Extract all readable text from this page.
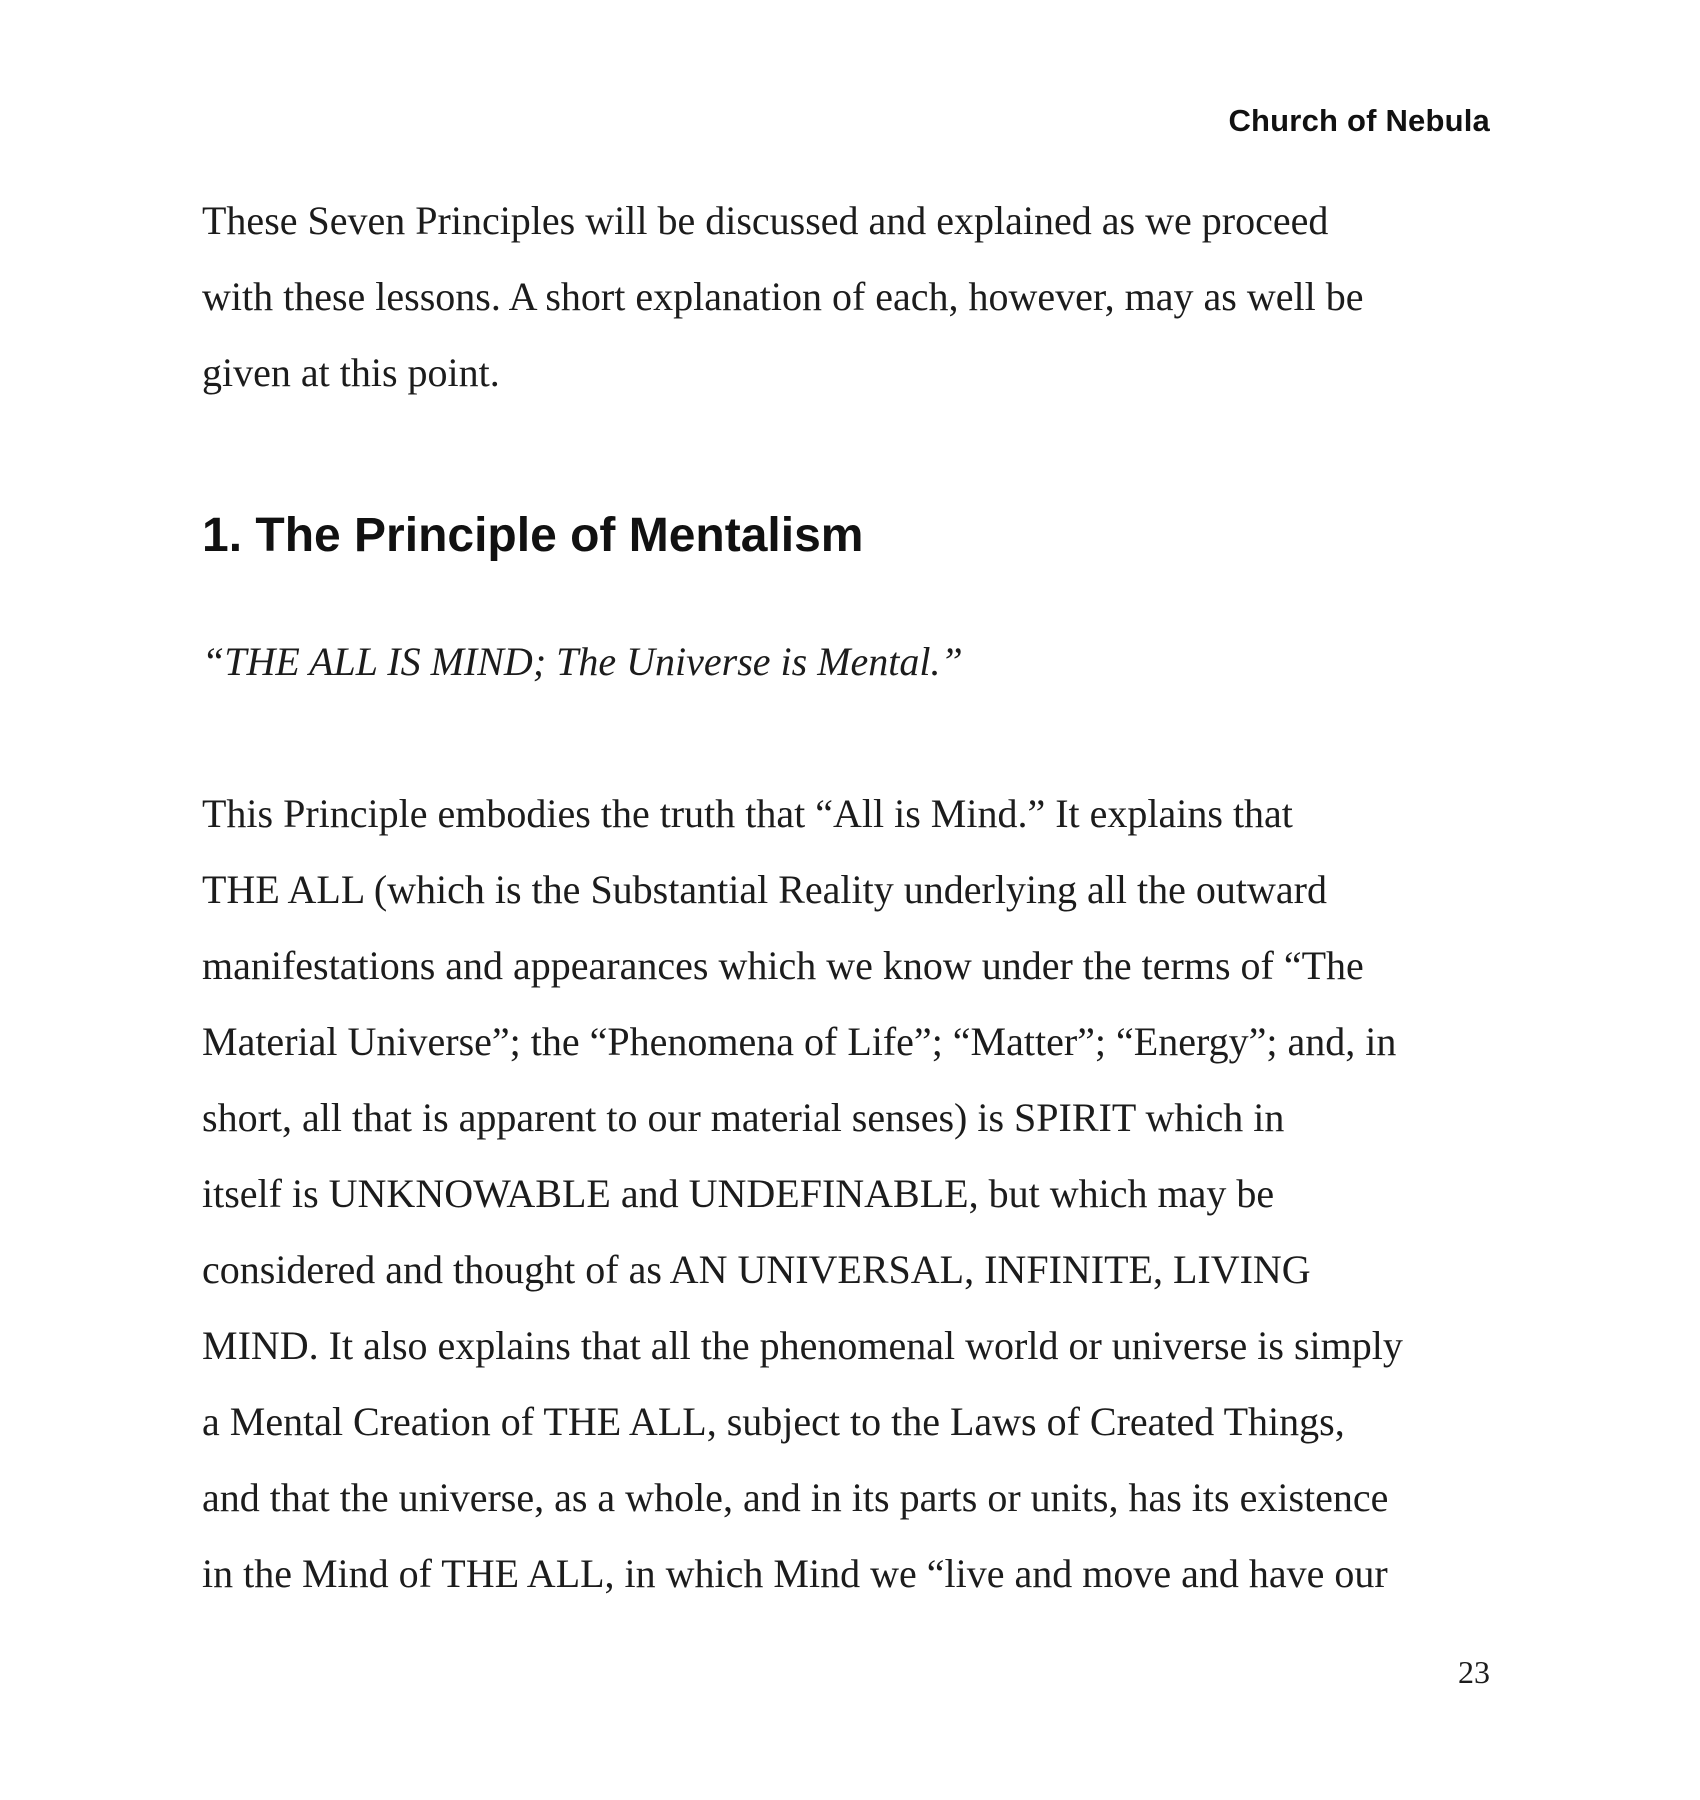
Church of Nebula

These Seven Principles will be discussed and explained as we proceed
with these lessons. A short explanation of each, however, may as well be
given at this point.

1. The Principle of Mentalism

“THE ALL IS MIND; The Universe is Mental.”

This Principle embodies the truth that “All is Mind.” It explains that
THE ALL (which is the Substantial Reality underlying all the outward
manifestations and appearances which we know under the terms of “The
Material Universe”; the “Phenomena of Life”; “Matter”; “Energy”; and, in
short, all that is apparent to our material senses) is SPIRIT which in
itself is UNKNOWABLE and UNDEFINABLE, but which may be
considered and thought of as AN UNIVERSAL, INFINITE, LIVING
MIND. It also explains that all the phenomenal world or universe is simply
a Mental Creation of THE ALL, subject to the Laws of Created Things,
and that the universe, as a whole, and in its parts or units, has its existence
in the Mind of THE ALL, in which Mind we “live and move and have our

23
